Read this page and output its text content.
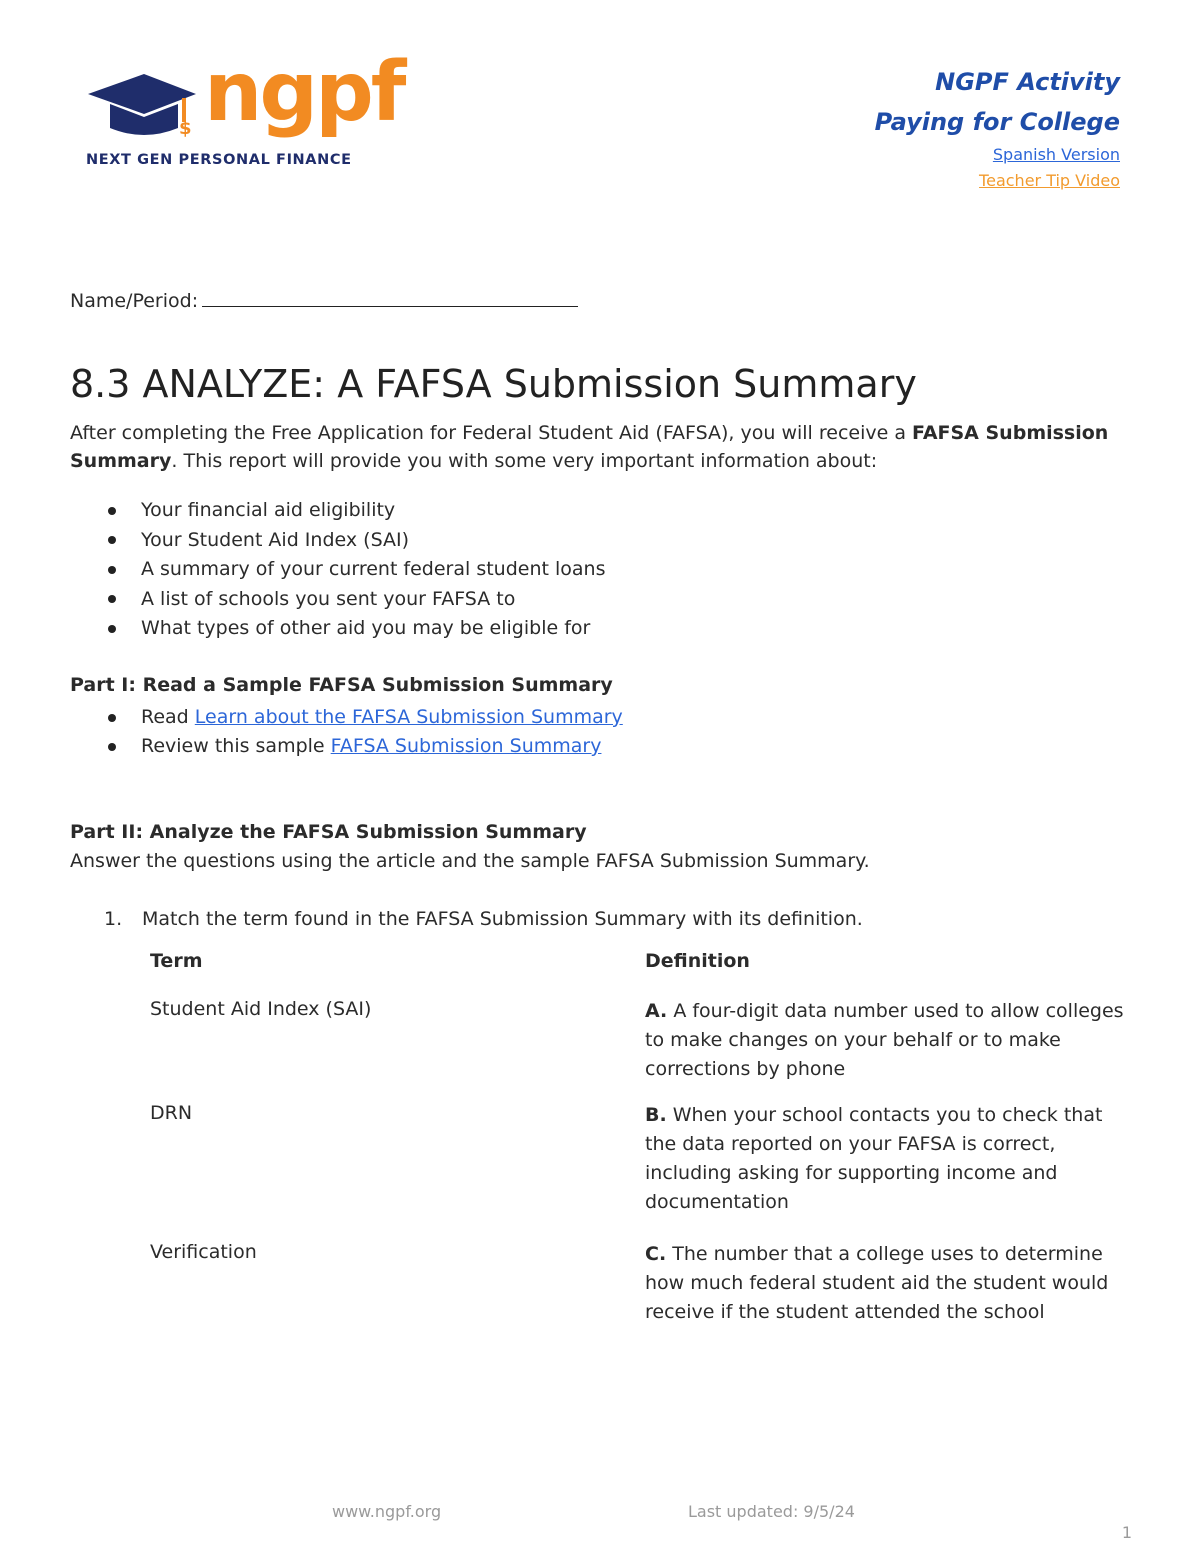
$ ngpf
NEXT GEN PERSONAL FINANCE
NGPF Activity
Paying for College
Spanish Version
Teacher Tip Video
Name/Period:
8.3 ANALYZE: A FAFSA Submission Summary
After completing the Free Application for Federal Student Aid (FAFSA), you will receive a FAFSA Submission Summary. This report will provide you with some very important information about:
Your financial aid eligibility
Your Student Aid Index (SAI)
A summary of your current federal student loans
A list of schools you sent your FAFSA to
What types of other aid you may be eligible for
Part I: Read a Sample FAFSA Submission Summary
Read Learn about the FAFSA Submission Summary
Review this sample FAFSA Submission Summary
Part II: Analyze the FAFSA Submission Summary
Answer the questions using the article and the sample FAFSA Submission Summary.
1. Match the term found in the FAFSA Submission Summary with its definition.
Term	Definition
Student Aid Index (SAI)	A. A four-digit data number used to allow colleges to make changes on your behalf or to make corrections by phone
DRN	B. When your school contacts you to check that the data reported on your FAFSA is correct, including asking for supporting income and documentation
Verification	C. The number that a college uses to determine how much federal student aid the student would receive if the student attended the school
www.ngpf.org	Last updated: 9/5/24
1
